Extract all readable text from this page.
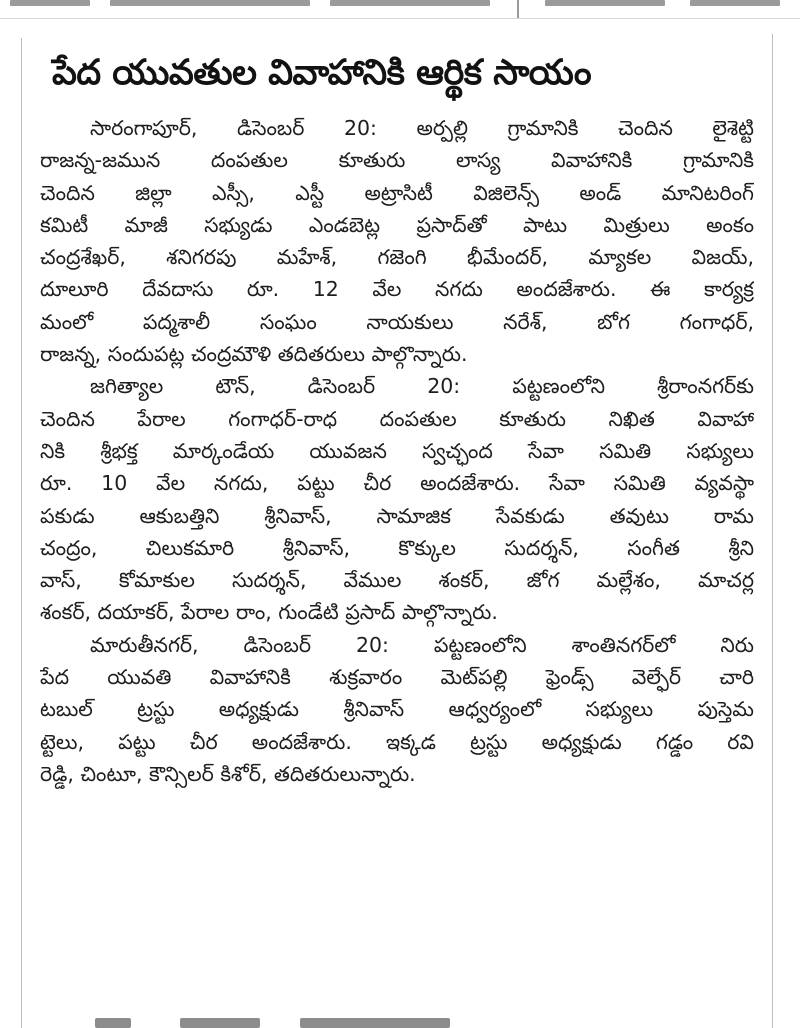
పేద యువతుల వివాహానికి ఆర్థిక సాయం
సారంగాపూర్, డిసెంబర్ 20: అర్పల్లి గ్రామానికి చెందిన లైశెట్టి
రాజన్న-జమున దంపతుల కూతురు లాస్య వివాహానికి గ్రామానికి
చెందిన జిల్లా ఎస్సీ, ఎస్టీ అట్రాసిటీ విజిలెన్స్ అండ్ మానిటరింగ్
కమిటీ మాజీ సభ్యుడు ఎండబెట్ల ప్రసాద్‌తో పాటు మిత్రులు అంకం
చంద్రశేఖర్, శనిగరపు మహేశ్, గజెంగి భీమేందర్, మ్యాకల విజయ్,
దూలూరి దేవదాసు రూ. 12 వేల నగదు అందజేశారు. ఈ కార్యక్ర
మంలో పద్మశాలీ సంఘం నాయకులు నరేశ్, బోగ గంగాధర్,
రాజన్న, సందుపట్ల చంద్రమౌళి తదితరులు పాల్గొన్నారు.
జగిత్యాల టౌన్, డిసెంబర్ 20: పట్టణంలోని శ్రీరాంనగర్‌కు
చెందిన పేరాల గంగాధర్-రాధ దంపతుల కూతురు నిఖిత వివాహా
నికి శ్రీభక్త మార్కండేయ యువజన స్వచ్ఛంద సేవా సమితి సభ్యులు
రూ. 10 వేల నగదు, పట్టు చీర అందజేశారు. సేవా సమితి వ్యవస్థా
పకుడు ఆకుబత్తిని శ్రీనివాస్, సామాజిక సేవకుడు తవుటు రామ
చంద్రం, చిలుకమారి శ్రీనివాస్, కొక్కుల సుదర్శన్, సంగీత శ్రీని
వాస్, కోమాకుల సుదర్శన్, వేముల శంకర్, జోగ మల్లేశం, మాచర్ల
శంకర్, దయాకర్, పేరాల రాం, గుండేటి ప్రసాద్ పాల్గొన్నారు.
మారుతీనగర్, డిసెంబర్ 20: పట్టణంలోని శాంతినగర్‌లో నిరు
పేద యువతి వివాహానికి శుక్రవారం మెట్‌పల్లి ఫ్రెండ్స్ వెల్ఫేర్ చారి
టబుల్ ట్రస్టు అధ్యక్షుడు శ్రీనివాస్ ఆధ్వర్యంలో సభ్యులు పుస్తెమ
ట్టెలు, పట్టు చీర అందజేశారు. ఇక్కడ ట్రస్టు అధ్యక్షుడు గడ్డం రవి
రెడ్డి, చింటూ, కౌన్సిలర్ కిశోర్, తదితరులున్నారు.
